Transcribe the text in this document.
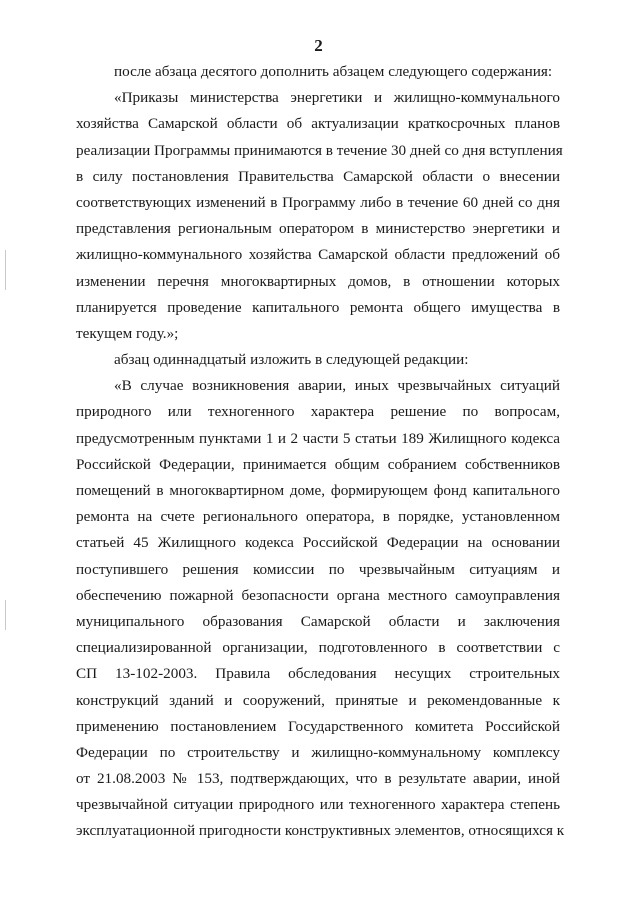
2
после абзаца десятого дополнить абзацем следующего содержания:
«Приказы министерства энергетики и жилищно-коммунального
хозяйства Самарской области об актуализации краткосрочных планов
реализации Программы принимаются в течение 30 дней со дня вступления
в силу постановления Правительства Самарской области о внесении
соответствующих изменений в Программу либо в течение 60 дней со дня
представления региональным оператором в министерство энергетики и
жилищно-коммунального хозяйства Самарской области предложений об
изменении перечня многоквартирных домов, в отношении которых
планируется проведение капитального ремонта общего имущества в
текущем году.»;
абзац одиннадцатый изложить в следующей редакции:
«В случае возникновения аварии, иных чрезвычайных ситуаций
природного или техногенного характера решение по вопросам,
предусмотренным пунктами 1 и 2 части 5 статьи 189 Жилищного кодекса
Российской Федерации, принимается общим собранием собственников
помещений в многоквартирном доме, формирующем фонд капитального
ремонта на счете регионального оператора, в порядке, установленном
статьей 45 Жилищного кодекса Российской Федерации на основании
поступившего решения комиссии по чрезвычайным ситуациям и
обеспечению пожарной безопасности органа местного самоуправления
муниципального образования Самарской области и заключения
специализированной организации, подготовленного в соответствии с
СП 13-102-2003. Правила обследования несущих строительных
конструкций зданий и сооружений, принятые и рекомендованные к
применению постановлением Государственного комитета Российской
Федерации по строительству и жилищно-коммунальному комплексу
от 21.08.2003 № 153, подтверждающих, что в результате аварии, иной
чрезвычайной ситуации природного или техногенного характера степень
эксплуатационной пригодности конструктивных элементов, относящихся к
